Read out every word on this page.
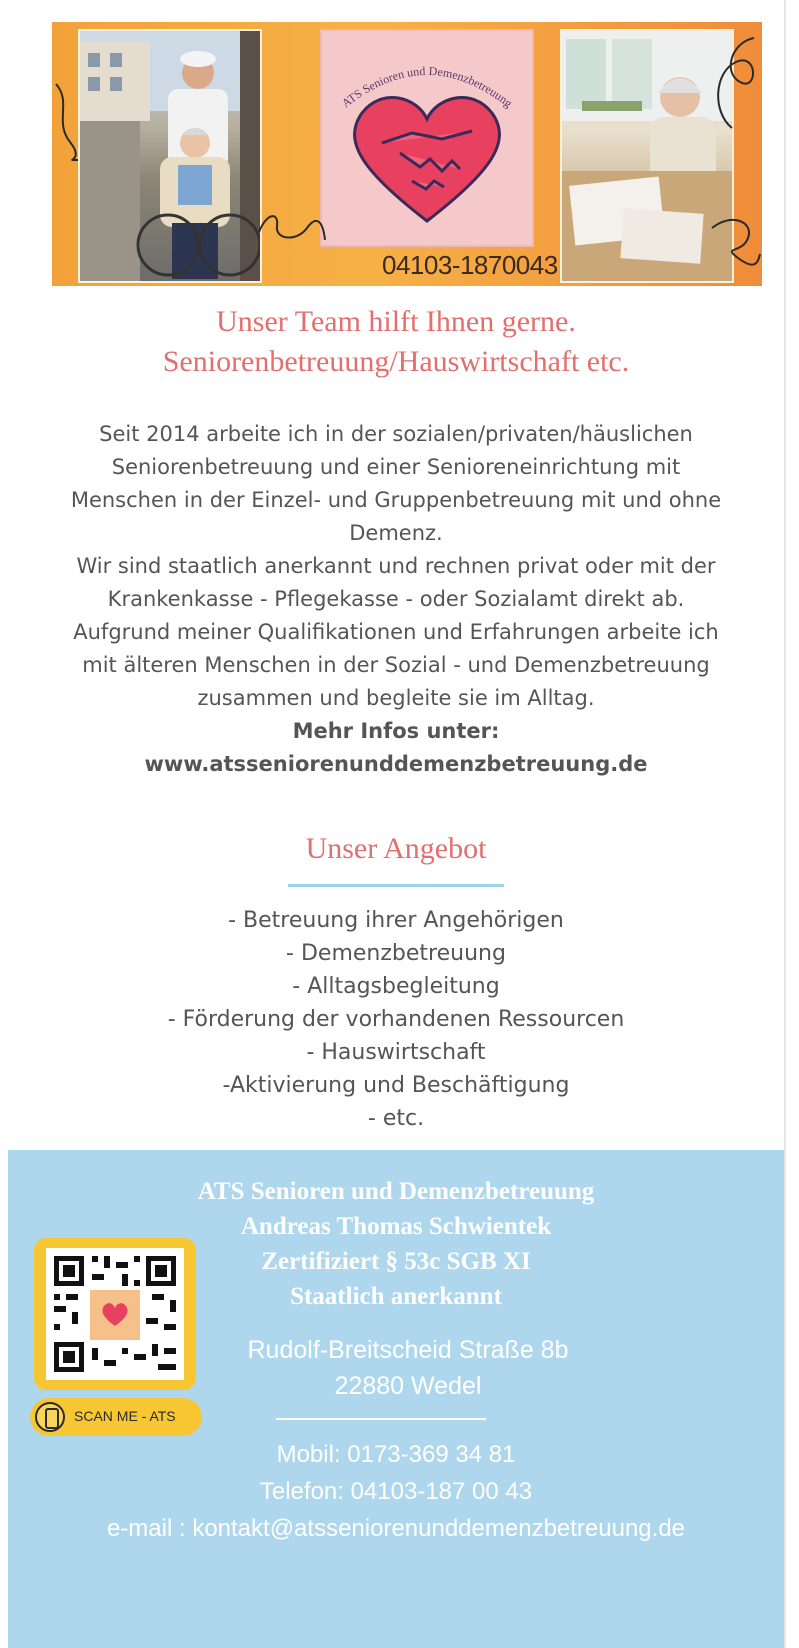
ATS Senioren und Demenzbetreuung
04103-1870043
Unser Team hilft Ihnen gerne.
Seniorenbetreuung/Hauswirtschaft etc.
Seit 2014 arbeite ich in der sozialen/privaten/häuslichen Seniorenbetreuung und einer Senioreneinrichtung mit Menschen in der Einzel- und Gruppenbetreuung mit und ohne Demenz.
Wir sind staatlich anerkannt und rechnen privat oder mit der Krankenkasse - Pflegekasse - oder Sozialamt direkt ab. Aufgrund meiner Qualifikationen und Erfahrungen arbeite ich mit älteren Menschen in der Sozial - und Demenzbetreuung zusammen und begleite sie im Alltag.
Mehr Infos unter:
www.atsseniorenunddemenzbetreuung.de
Unser Angebot
- Betreuung ihrer Angehörigen
- Demenzbetreuung
- Alltagsbegleitung
- Förderung der vorhandenen Ressourcen
- Hauswirtschaft
-Aktivierung und Beschäftigung
- etc.
ATS Senioren und Demenzbetreuung
Andreas Thomas Schwientek
Zertifiziert § 53c SGB XI
Staatlich anerkannt
SCAN ME - ATS
Rudolf-Breitscheid Straße 8b
22880 Wedel
Mobil: 0173-369 34 81
Telefon: 04103-187 00 43
e-mail : kontakt@atsseniorenunddemenzbetreuung.de
